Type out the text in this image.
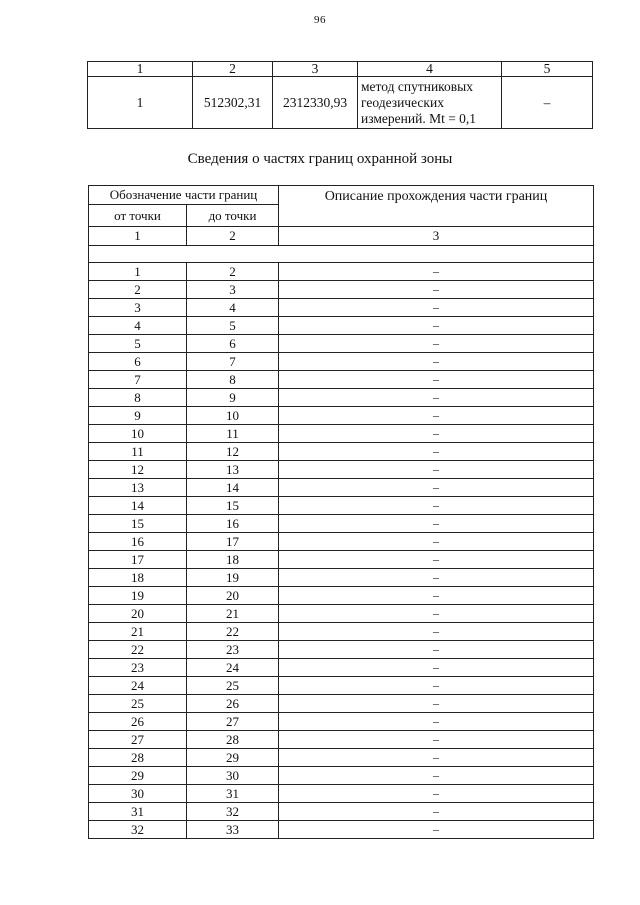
96
1	2	3	4	5
1	512302,31	2312330,93	метод спутниковых
геодезических
измерений. Mt = 0,1	–
Сведения о частях границ охранной зоны
Обозначение части границ		Описание прохождения части границ
от точки	до точки	
1	2	3

1	2	–
2	3	–
3	4	–
4	5	–
5	6	–
6	7	–
7	8	–
8	9	–
9	10	–
10	11	–
11	12	–
12	13	–
13	14	–
14	15	–
15	16	–
16	17	–
17	18	–
18	19	–
19	20	–
20	21	–
21	22	–
22	23	–
23	24	–
24	25	–
25	26	–
26	27	–
27	28	–
28	29	–
29	30	–
30	31	–
31	32	–
32	33	–
